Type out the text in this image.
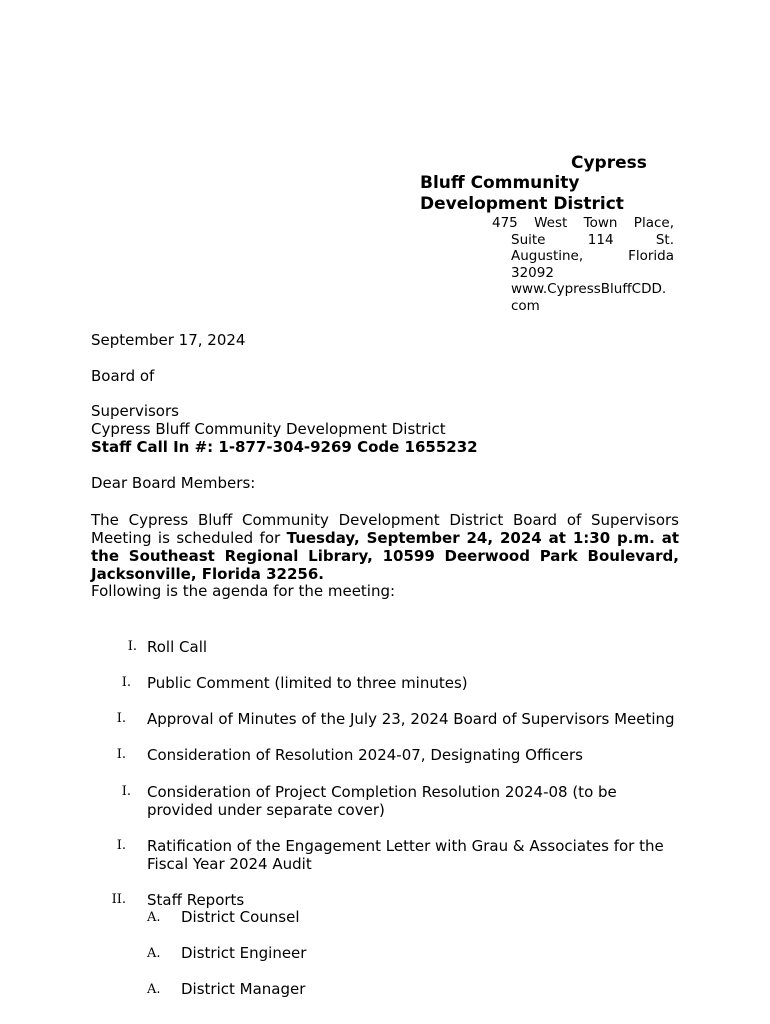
Cypress
Bluff Community
Development District
475 West Town Place,
Suite 114 St.
Augustine, Florida
32092
www.CypressBluffCDD.
com
September 17, 2024
Board of
Supervisors
Cypress Bluff Community Development District
Staff Call In #: 1-877-304-9269 Code 1655232
Dear Board Members:

The Cypress Bluff Community Development District Board of Supervisors Meeting is scheduled for Tuesday, September 24, 2024 at 1:30 p.m. at the Southeast Regional Library, 10599 Deerwood Park Boulevard, Jacksonville, Florida 32256.

Following is the agenda for the meeting:
I. Roll Call
I. Public Comment (limited to three minutes)
I. Approval of Minutes of the July 23, 2024 Board of Supervisors Meeting
I. Consideration of Resolution 2024-07, Designating Officers
I. Consideration of Project Completion Resolution 2024-08 (to be provided under separate cover)
I. Ratification of the Engagement Letter with Grau & Associates for the Fiscal Year 2024 Audit
II. Staff Reports
A. District Counsel
A. District Engineer
A. District Manager
